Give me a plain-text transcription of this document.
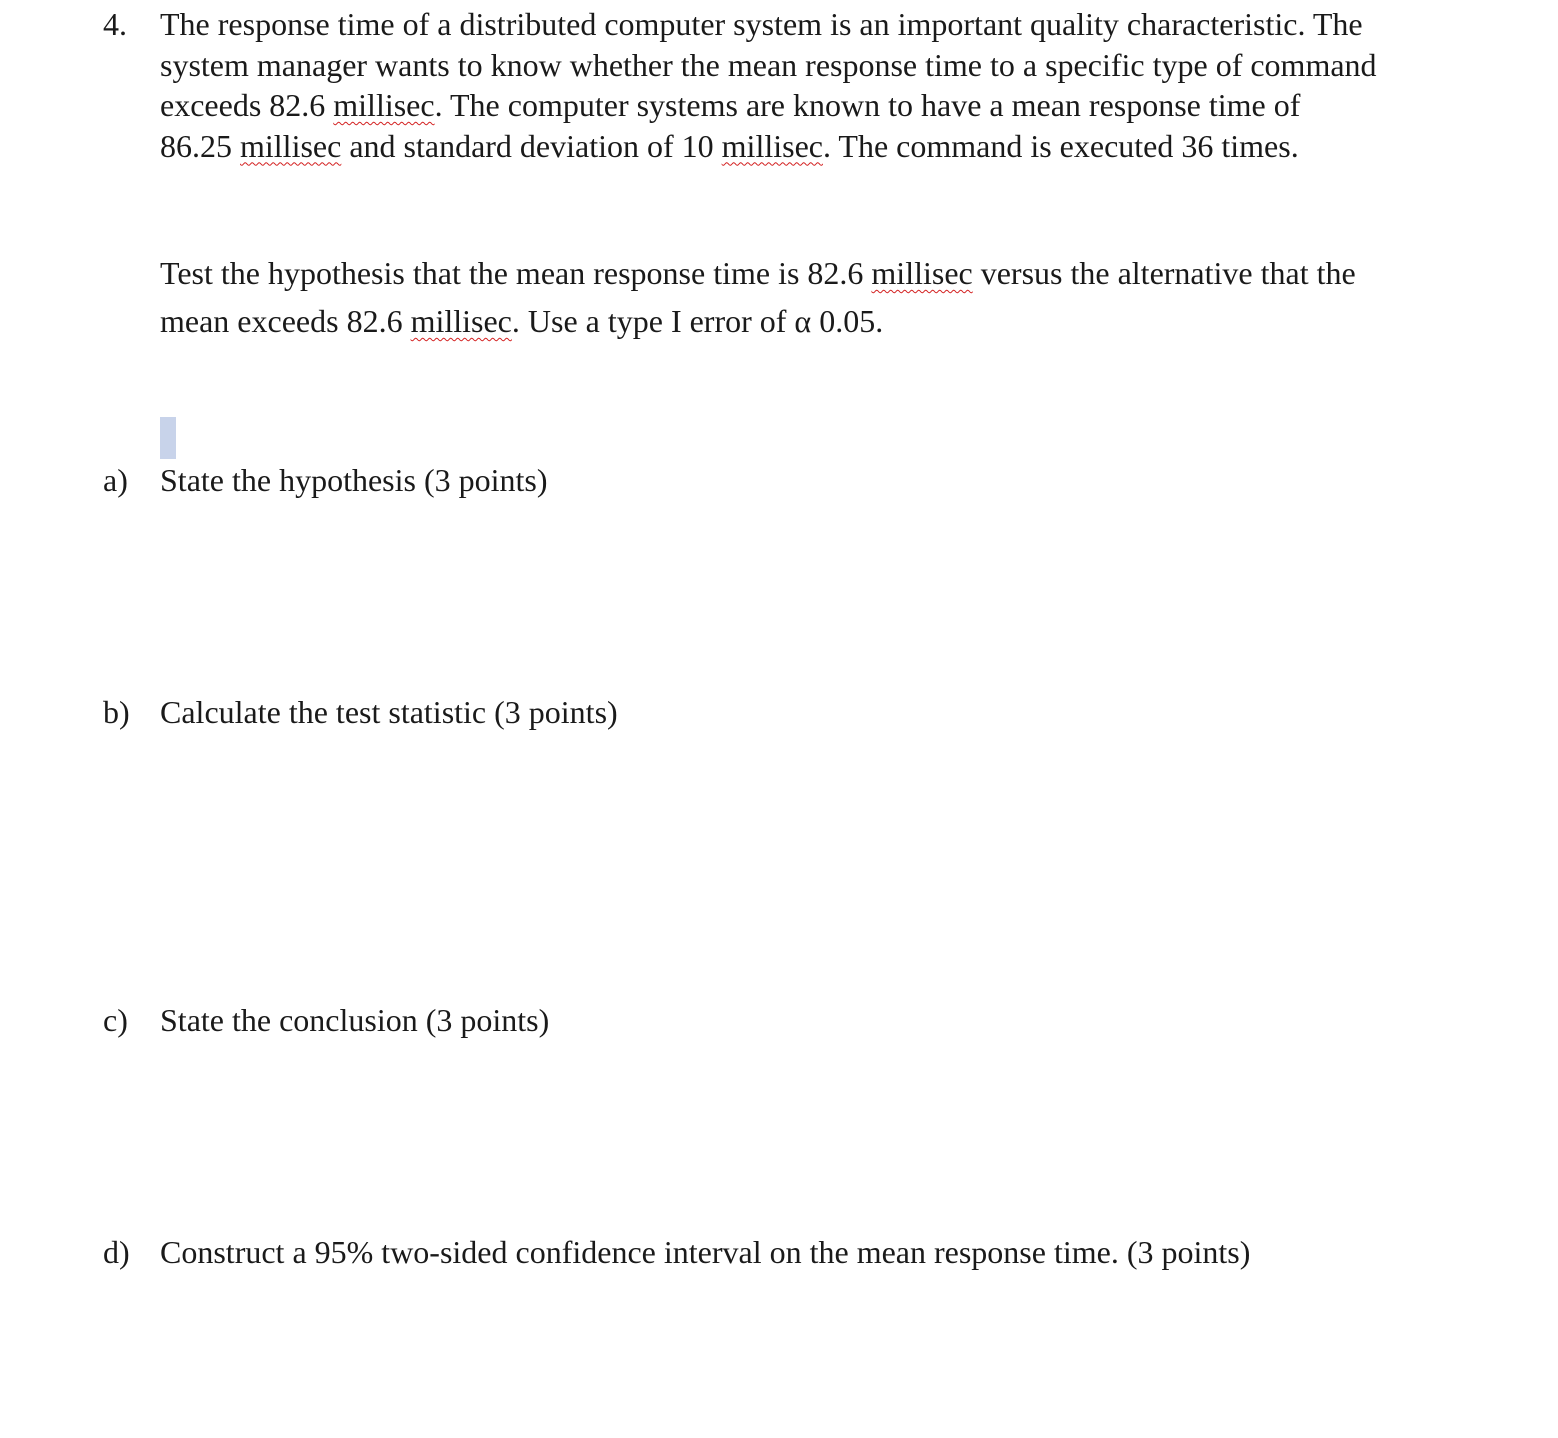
4. The response time of a distributed computer system is an important quality characteristic. The system manager wants to know whether the mean response time to a specific type of command exceeds 82.6 millisec. The computer systems are known to have a mean response time of 86.25 millisec and standard deviation of 10 millisec. The command is executed 36 times.

Test the hypothesis that the mean response time is 82.6 millisec versus the alternative that the mean exceeds 82.6 millisec. Use a type I error of α 0.05.

a) State the hypothesis (3 points)

b) Calculate the test statistic (3 points)

c) State the conclusion (3 points)

d) Construct a 95% two-sided confidence interval on the mean response time. (3 points)
